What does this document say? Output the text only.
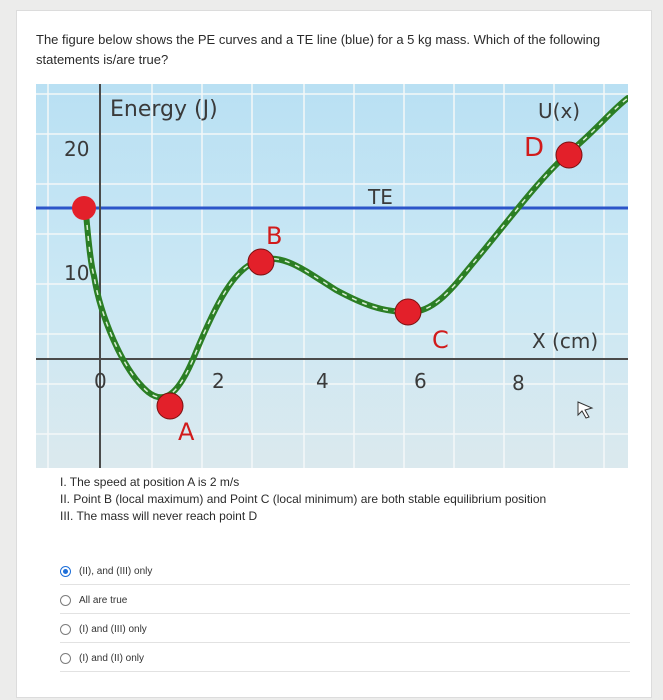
The figure below shows the PE curves and a TE line (blue) for a 5 kg mass. Which of the following
statements is/are true?
Energy (J)	U(x)
TE
X (cm)
20
10
0	2	4	6	8
A
B
C
D
I. The speed at position A is 2 m/s
II. Point B (local maximum) and Point C (local minimum) are both stable equilibrium position
III. The mass will never reach point D
(II), and (III) only
All are true
(I) and (III) only
(I) and (II) only
